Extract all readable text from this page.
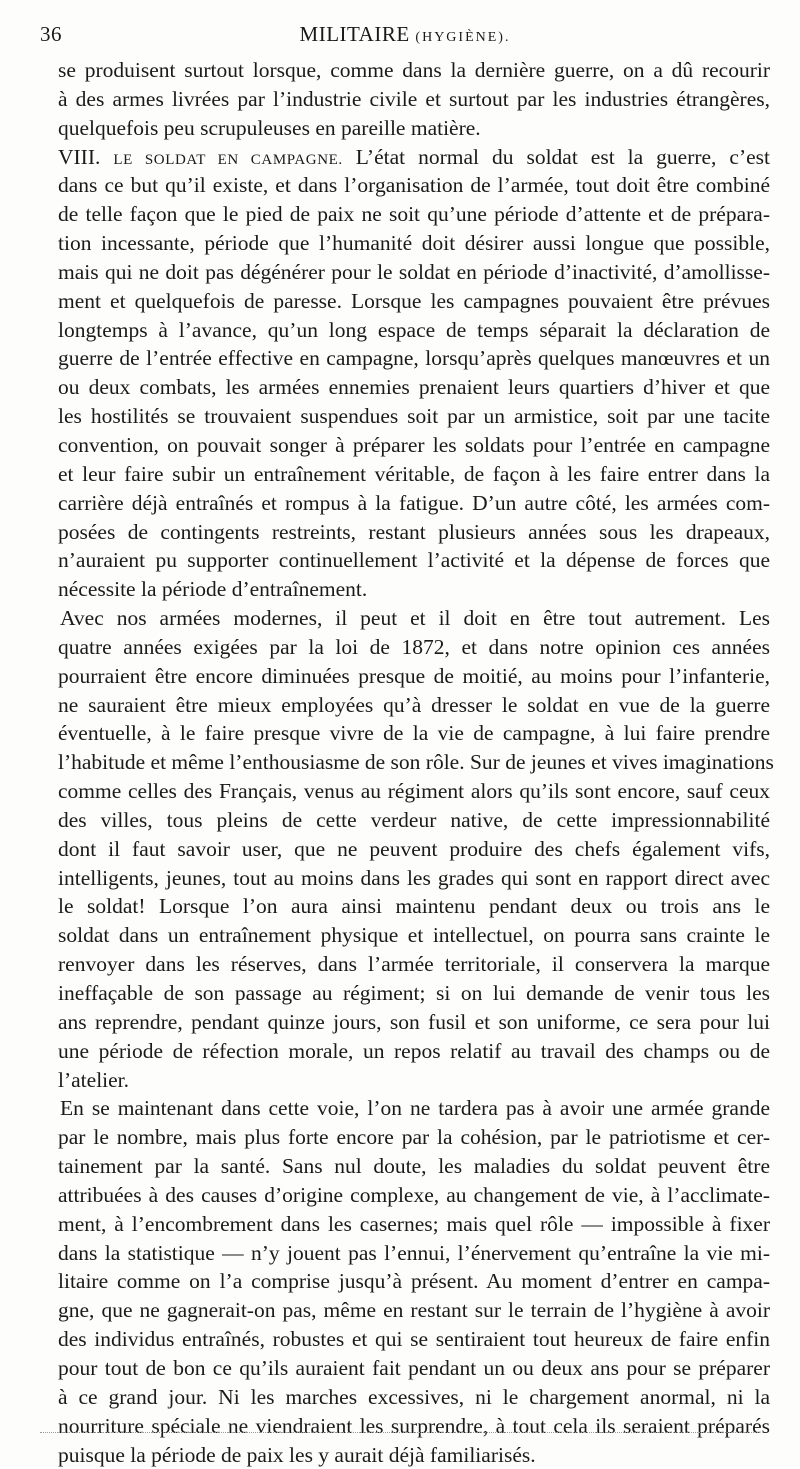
36	MILITAIRE (HYGIÈNE).
se produisent surtout lorsque, comme dans la dernière guerre, on a dû recourir
à des armes livrées par l’industrie civile et surtout par les industries étrangères,
quelquefois peu scrupuleuses en pareille matière.
VIII. LE SOLDAT EN CAMPAGNE. L’état normal du soldat est la guerre, c’est
dans ce but qu’il existe, et dans l’organisation de l’armée, tout doit être combiné
de telle façon que le pied de paix ne soit qu’une période d’attente et de prépara-
tion incessante, période que l’humanité doit désirer aussi longue que possible,
mais qui ne doit pas dégénérer pour le soldat en période d’inactivité, d’amollisse-
ment et quelquefois de paresse. Lorsque les campagnes pouvaient être prévues
longtemps à l’avance, qu’un long espace de temps séparait la déclaration de
guerre de l’entrée effective en campagne, lorsqu’après quelques manœuvres et un
ou deux combats, les armées ennemies prenaient leurs quartiers d’hiver et que
les hostilités se trouvaient suspendues soit par un armistice, soit par une tacite
convention, on pouvait songer à préparer les soldats pour l’entrée en campagne
et leur faire subir un entraînement véritable, de façon à les faire entrer dans la
carrière déjà entraînés et rompus à la fatigue. D’un autre côté, les armées com-
posées de contingents restreints, restant plusieurs années sous les drapeaux,
n’auraient pu supporter continuellement l’activité et la dépense de forces que
nécessite la période d’entraînement.
Avec nos armées modernes, il peut et il doit en être tout autrement. Les
quatre années exigées par la loi de 1872, et dans notre opinion ces années
pourraient être encore diminuées presque de moitié, au moins pour l’infanterie,
ne sauraient être mieux employées qu’à dresser le soldat en vue de la guerre
éventuelle, à le faire presque vivre de la vie de campagne, à lui faire prendre
l’habitude et même l’enthousiasme de son rôle. Sur de jeunes et vives imaginations
comme celles des Français, venus au régiment alors qu’ils sont encore, sauf ceux
des villes, tous pleins de cette verdeur native, de cette impressionnabilité
dont il faut savoir user, que ne peuvent produire des chefs également vifs,
intelligents, jeunes, tout au moins dans les grades qui sont en rapport direct avec
le soldat! Lorsque l’on aura ainsi maintenu pendant deux ou trois ans le
soldat dans un entraînement physique et intellectuel, on pourra sans crainte le
renvoyer dans les réserves, dans l’armée territoriale, il conservera la marque
ineffaçable de son passage au régiment; si on lui demande de venir tous les
ans reprendre, pendant quinze jours, son fusil et son uniforme, ce sera pour lui
une période de réfection morale, un repos relatif au travail des champs ou de
l’atelier.
En se maintenant dans cette voie, l’on ne tardera pas à avoir une armée grande
par le nombre, mais plus forte encore par la cohésion, par le patriotisme et cer-
tainement par la santé. Sans nul doute, les maladies du soldat peuvent être
attribuées à des causes d’origine complexe, au changement de vie, à l’acclimate-
ment, à l’encombrement dans les casernes; mais quel rôle — impossible à fixer
dans la statistique — n’y jouent pas l’ennui, l’énervement qu’entraîne la vie mi-
litaire comme on l’a comprise jusqu’à présent. Au moment d’entrer en campa-
gne, que ne gagnerait-on pas, même en restant sur le terrain de l’hygiène à avoir
des individus entraînés, robustes et qui se sentiraient tout heureux de faire enfin
pour tout de bon ce qu’ils auraient fait pendant un ou deux ans pour se préparer
à ce grand jour. Ni les marches excessives, ni le chargement anormal, ni la
nourriture spéciale ne viendraient les surprendre, à tout cela ils seraient préparés
puisque la période de paix les y aurait déjà familiarisés.
